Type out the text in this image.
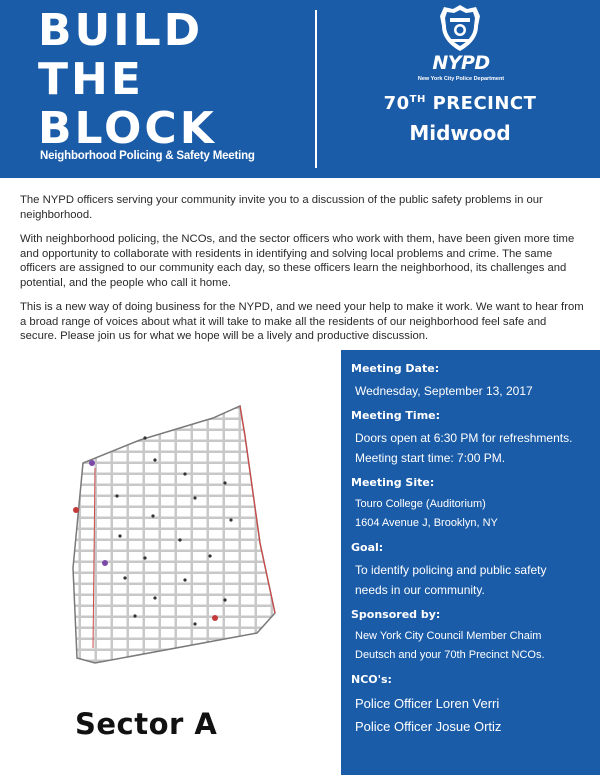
BUILD
THE
BLOCK
Neighborhood Policing & Safety Meeting
NYPD
New York City Police Department
70TH PRECINCT
Midwood

The NYPD officers serving your community invite you to a discussion of the public safety problems in our neighborhood.

With neighborhood policing, the NCOs, and the sector officers who work with them, have been given more time and opportunity to collaborate with residents in identifying and solving local problems and crime. The same officers are assigned to our community each day, so these officers learn the neighborhood, its challenges and potential, and the people who call it home.

This is a new way of doing business for the NYPD, and we need your help to make it work. We want to hear from a broad range of voices about what it will take to make all the residents of our neighborhood feel safe and secure. Please join us for what we hope will be a lively and productive discussion.

Sector A
Meeting Date:
Wednesday, September 13, 2017
Meeting Time:
Doors open at 6:30 PM for refreshments.
Meeting start time: 7:00 PM.
Meeting Site:
Touro College (Auditorium)
1604 Avenue J, Brooklyn, NY
Goal:
To identify policing and public safety
needs in our community.
Sponsored by:
New York City Council Member Chaim
Deutsch and your 70th Precinct NCOs.
NCO's:
Police Officer Loren Verri
Police Officer Josue Ortiz
